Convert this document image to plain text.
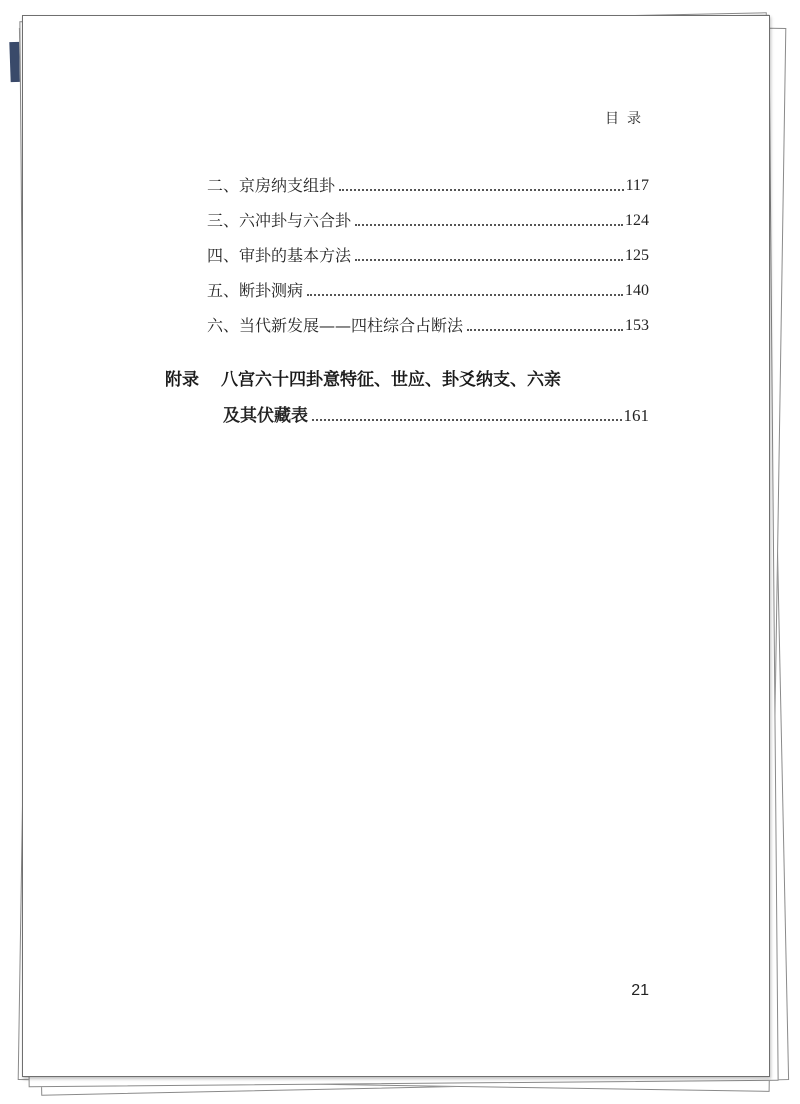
目录
二、京房纳支组卦	117
三、六冲卦与六合卦	124
四、审卦的基本方法	125
五、断卦测病	140
六、当代新发展——四柱综合占断法	153
附录 八宫六十四卦意特征、世应、卦爻纳支、六亲
及其伏藏表	161
21
